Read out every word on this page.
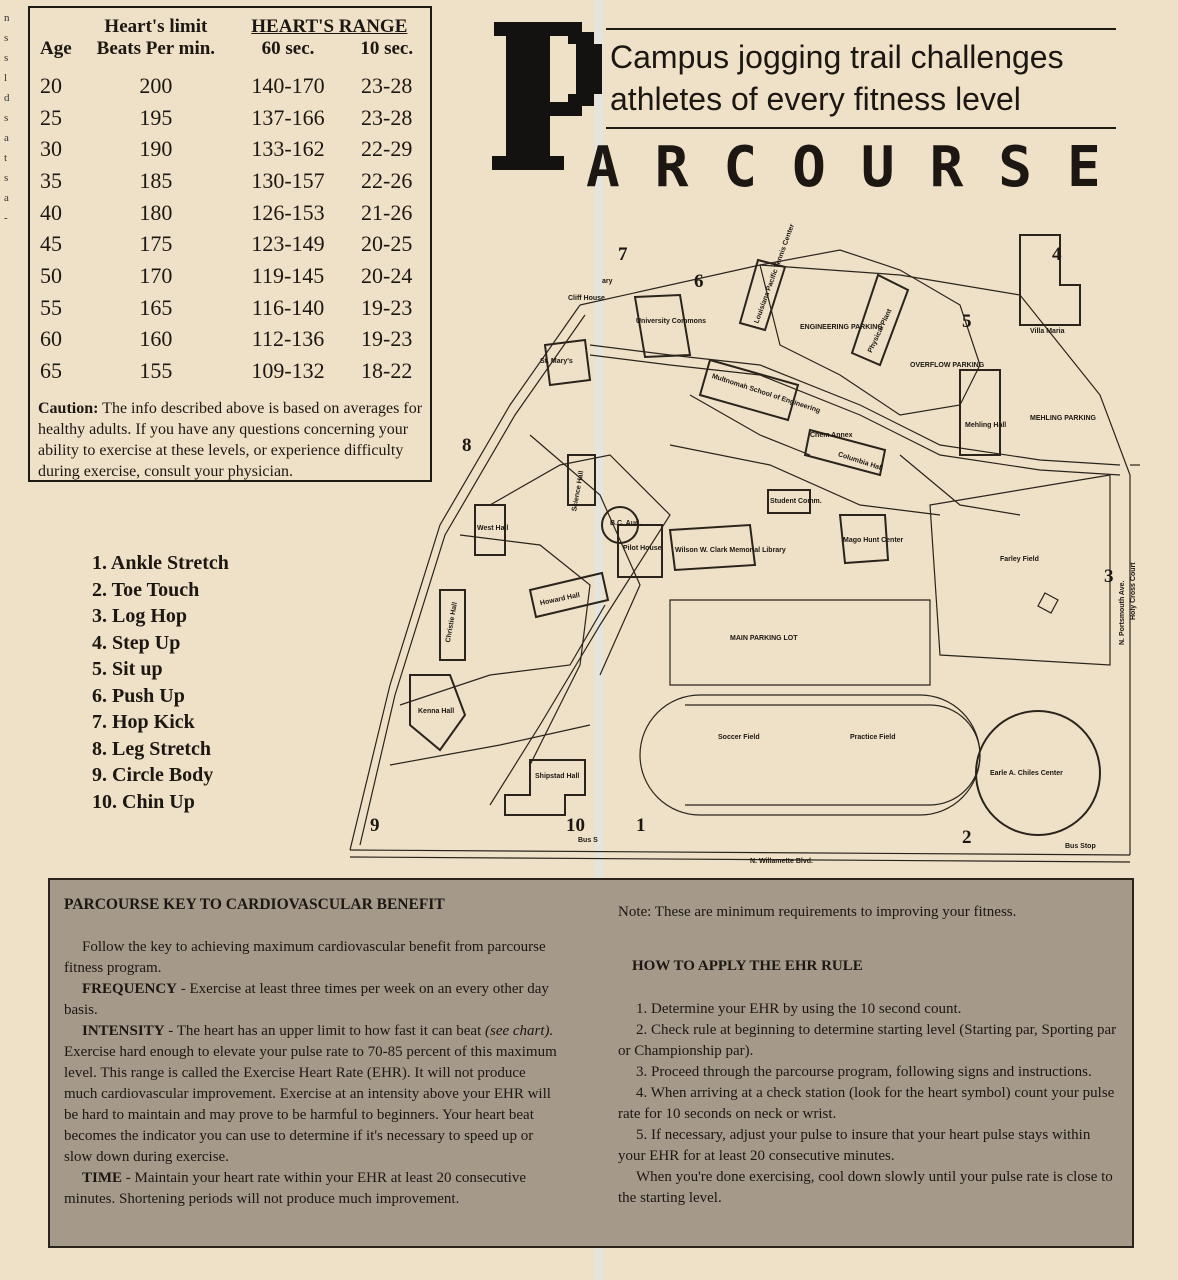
n
s
s
l
d
s
a
t
s
a
-
	Heart's limit	HEART'S RANGE	
Age	Beats Per min.	60 sec.	10 sec.

20	200	140-170	23-28
25	195	137-166	23-28
30	190	133-162	22-29
35	185	130-157	22-26
40	180	126-153	21-26
45	175	123-149	20-25
50	170	119-145	20-24
55	165	116-140	19-23
60	160	112-136	19-23
65	155	109-132	18-22
Caution: The info described above is based on averages for healthy adults. If you have any questions concerning your ability to exercise at these levels, or experience difficulty during exercise, consult your physician.
1. Ankle Stretch
2. Toe Touch
3. Log Hop
4. Step Up
5. Sit up
6. Push Up
7. Hop Kick
8. Leg Stretch
9. Circle Body
10. Chin Up
Campus jogging trail challenges
athletes of every fitness level
ARCOURSE
Cliff House
ary
University Commons	Louisiana Pacific Tennis Center
ENGINEERING PARKING
Physical Plant
OVERFLOW PARKING
Villa Maria
Mehling Hall
MEHLING PARKING
St. Mary's
Multnomah School of Engineering
Chem Annex
Columbia Hall
Science Hall
B.C. Aud.
Student Comm.
Wilson W. Clark Memorial Library
Mago Hunt Center
Farley Field
West Hall
Howard Hall
Christie Hall
Pilot House
MAIN PARKING LOT	N. Portsmouth Ave. Holy Cross Court
Kenna Hall
Shipstad Hall
Soccer Field	Practice Field
Earle A. Chiles Center
Bus S
Bus Stop
N. Willamette Blvd.
1
2
3
4
5
6
7
8
9	10

PARCOURSE KEY TO CARDIOVASCULAR BENEFIT

Follow the key to achieving maximum cardiovascular benefit from parcourse fitness program.

FREQUENCY - Exercise at least three times per week on an every other day basis.

INTENSITY - The heart has an upper limit to how fast it can beat (see chart). Exercise hard enough to elevate your pulse rate to 70-85 percent of this maximum level. This range is called the Exercise Heart Rate (EHR). It will not produce much cardiovascular improvement. Exercise at an intensity above your EHR will be hard to maintain and may prove to be harmful to beginners. Your heart beat becomes the indicator you can use to determine if it's necessary to speed up or slow down during exercise.

TIME - Maintain your heart rate within your EHR at least 20 consecutive minutes. Shortening periods will not produce much improvement.

Note: These are minimum requirements to improving your fitness.

HOW TO APPLY THE EHR RULE

1. Determine your EHR by using the 10 second count.

2. Check rule at beginning to determine starting level (Starting par, Sporting par or Championship par).

3. Proceed through the parcourse program, following signs and instructions.

4. When arriving at a check station (look for the heart symbol) count your pulse rate for 10 seconds on neck or wrist.

5. If necessary, adjust your pulse to insure that your heart pulse stays within your EHR for at least 20 consecutive minutes.

When you're done exercising, cool down slowly until your pulse rate is close to the starting level.
